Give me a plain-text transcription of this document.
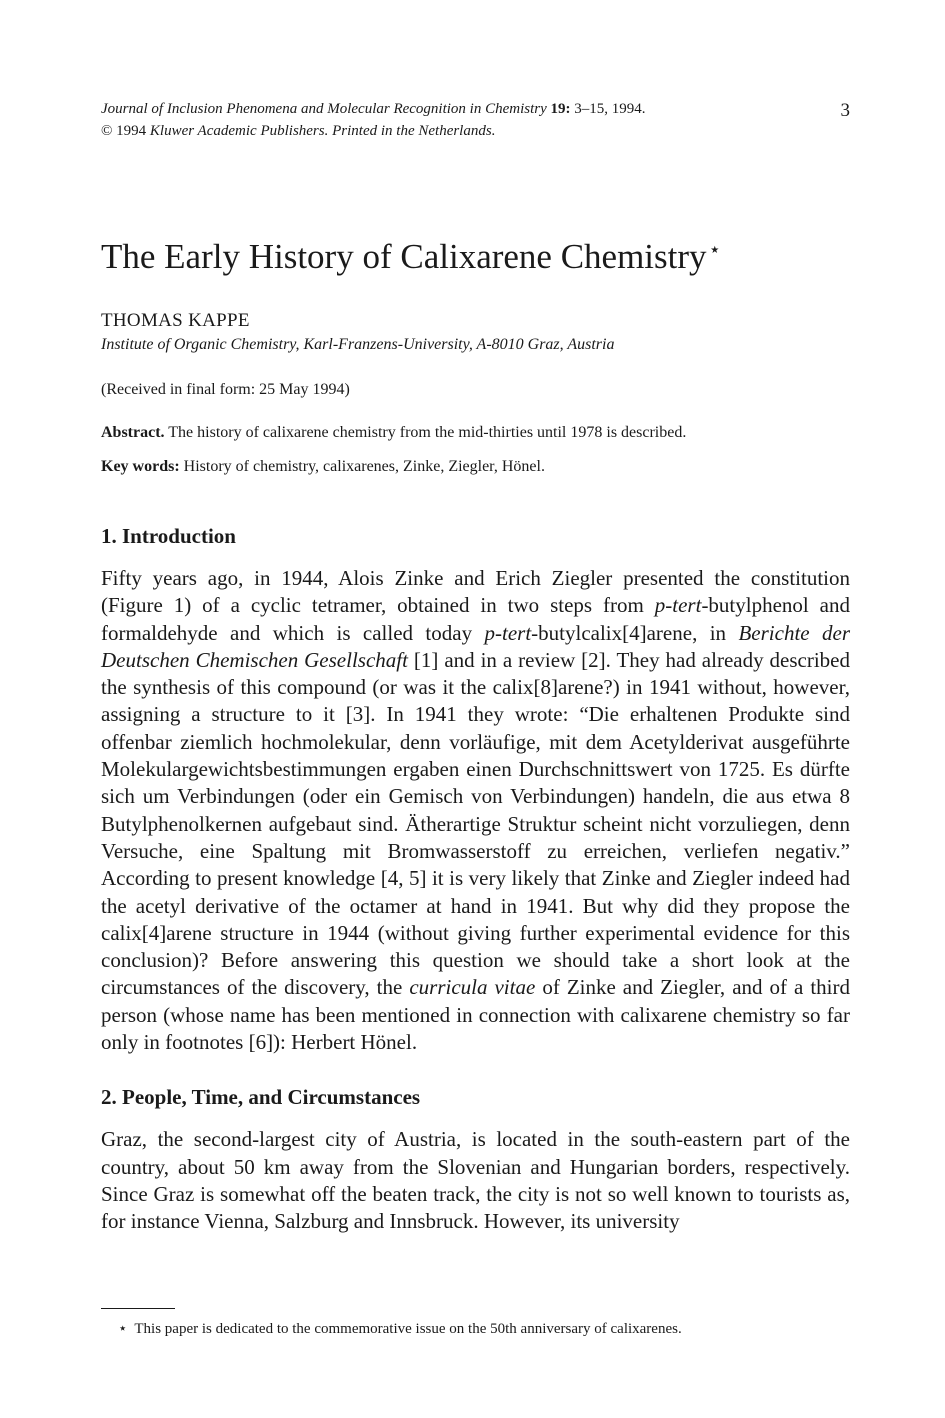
Journal of Inclusion Phenomena and Molecular Recognition in Chemistry 19: 3–15, 1994.
© 1994 Kluwer Academic Publishers. Printed in the Netherlands.
3
The Early History of Calixarene Chemistry ⋆
THOMAS KAPPE
Institute of Organic Chemistry, Karl-Franzens-University, A-8010 Graz, Austria
(Received in final form: 25 May 1994)
Abstract. The history of calixarene chemistry from the mid-thirties until 1978 is described.
Key words: History of chemistry, calixarenes, Zinke, Ziegler, Hönel.
1. Introduction

Fifty years ago, in 1944, Alois Zinke and Erich Ziegler presented the constitution (Figure 1) of a cyclic tetramer, obtained in two steps from p-tert-butylphenol and formaldehyde and which is called today p-tert-butylcalix[4]arene, in Berichte der Deutschen Chemischen Gesellschaft [1] and in a review [2]. They had already described the synthesis of this compound (or was it the calix[8]arene?) in 1941 without, however, assigning a structure to it [3]. In 1941 they wrote: “Die erhaltenen Produkte sind offenbar ziemlich hochmolekular, denn vorläufige, mit dem Acetylderivat ausgeführte Molekulargewichtsbestimmungen ergaben einen Durchschnittswert von 1725. Es dürfte sich um Verbindungen (oder ein Gemisch von Verbindungen) handeln, die aus etwa 8 Butylphenolkernen aufgebaut sind. Ätherartige Struktur scheint nicht vorzuliegen, denn Versuche, eine Spaltung mit Bromwasserstoff zu erreichen, verliefen negativ.” According to present knowledge [4, 5] it is very likely that Zinke and Ziegler indeed had the acetyl derivative of the octamer at hand in 1941. But why did they propose the calix[4]arene structure in 1944 (without giving further experimental evidence for this conclusion)? Before answering this question we should take a short look at the circumstances of the discovery, the curricula vitae of Zinke and Ziegler, and of a third person (whose name has been mentioned in connection with calixarene chemistry so far only in footnotes [6]): Herbert Hönel.

2. People, Time, and Circumstances

Graz, the second-largest city of Austria, is located in the south-eastern part of the country, about 50 km away from the Slovenian and Hungarian borders, respectively. Since Graz is somewhat off the beaten track, the city is not so well known to tourists as, for instance Vienna, Salzburg and Innsbruck. However, its university

⋆ This paper is dedicated to the commemorative issue on the 50th anniversary of calixarenes.
